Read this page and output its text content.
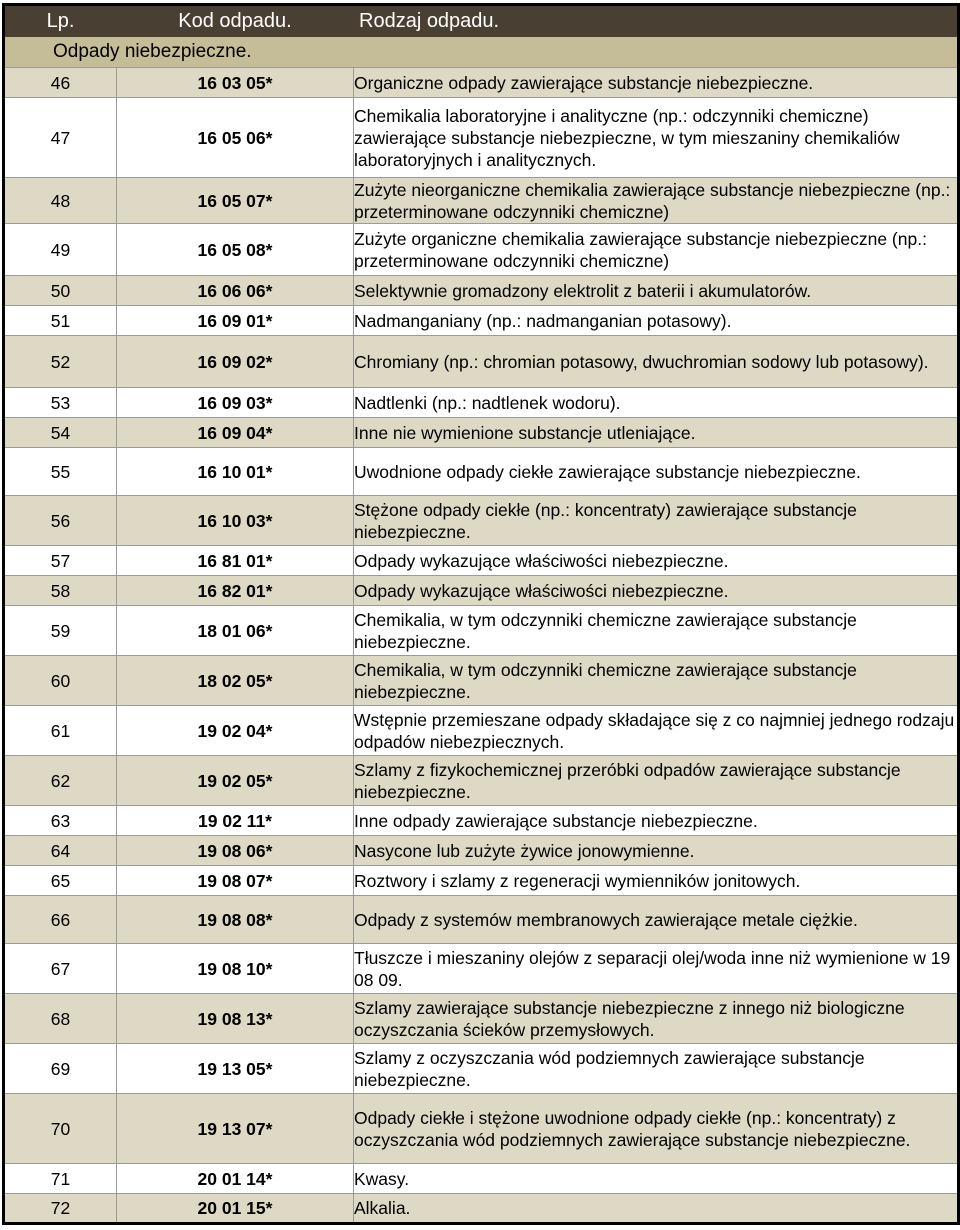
Lp.	Kod odpadu.	Rodzaj odpadu.
Odpady niebezpieczne.		
46	16 03 05*	Organiczne odpady zawierające substancje niebezpieczne.
47	16 05 06*	Chemikalia laboratoryjne i analityczne (np.: odczynniki chemiczne) zawierające substancje niebezpieczne, w tym mieszaniny chemikaliów laboratoryjnych i analitycznych.
48	16 05 07*	Zużyte nieorganiczne chemikalia zawierające substancje niebezpieczne (np.: przeterminowane odczynniki chemiczne)
49	16 05 08*	Zużyte organiczne chemikalia zawierające substancje niebezpieczne (np.: przeterminowane odczynniki chemiczne)
50	16 06 06*	Selektywnie gromadzony elektrolit z baterii i akumulatorów.
51	16 09 01*	Nadmanganiany (np.: nadmanganian potasowy).
52	16 09 02*	Chromiany (np.: chromian potasowy, dwuchromian sodowy lub potasowy).
53	16 09 03*	Nadtlenki (np.: nadtlenek wodoru).
54	16 09 04*	Inne nie wymienione substancje utleniające.
55	16 10 01*	Uwodnione odpady ciekłe zawierające substancje niebezpieczne.
56	16 10 03*	Stężone odpady ciekłe (np.: koncentraty) zawierające substancje niebezpieczne.
57	16 81 01*	Odpady wykazujące właściwości niebezpieczne.
58	16 82 01*	Odpady wykazujące właściwości niebezpieczne.
59	18 01 06*	Chemikalia, w tym odczynniki chemiczne zawierające substancje niebezpieczne.
60	18 02 05*	Chemikalia, w tym odczynniki chemiczne zawierające substancje niebezpieczne.
61	19 02 04*	Wstępnie przemieszane odpady składające się z co najmniej jednego rodzaju odpadów niebezpiecznych.
62	19 02 05*	Szlamy z fizykochemicznej przeróbki odpadów zawierające substancje niebezpieczne.
63	19 02 11*	Inne odpady zawierające substancje niebezpieczne.
64	19 08 06*	Nasycone lub zużyte żywice jonowymienne.
65	19 08 07*	Roztwory i szlamy z regeneracji wymienników jonitowych.
66	19 08 08*	Odpady z systemów membranowych zawierające metale ciężkie.
67	19 08 10*	Tłuszcze i mieszaniny olejów z separacji olej/woda inne niż wymienione w 19 08 09.
68	19 08 13*	Szlamy zawierające substancje niebezpieczne z innego niż biologiczne oczyszczania ścieków przemysłowych.
69	19 13 05*	Szlamy z oczyszczania wód podziemnych zawierające substancje niebezpieczne.
70	19 13 07*	Odpady ciekłe i stężone uwodnione odpady ciekłe (np.: koncentraty) z oczyszczania wód podziemnych zawierające substancje niebezpieczne.
71	20 01 14*	Kwasy.
72	20 01 15*	Alkalia.
